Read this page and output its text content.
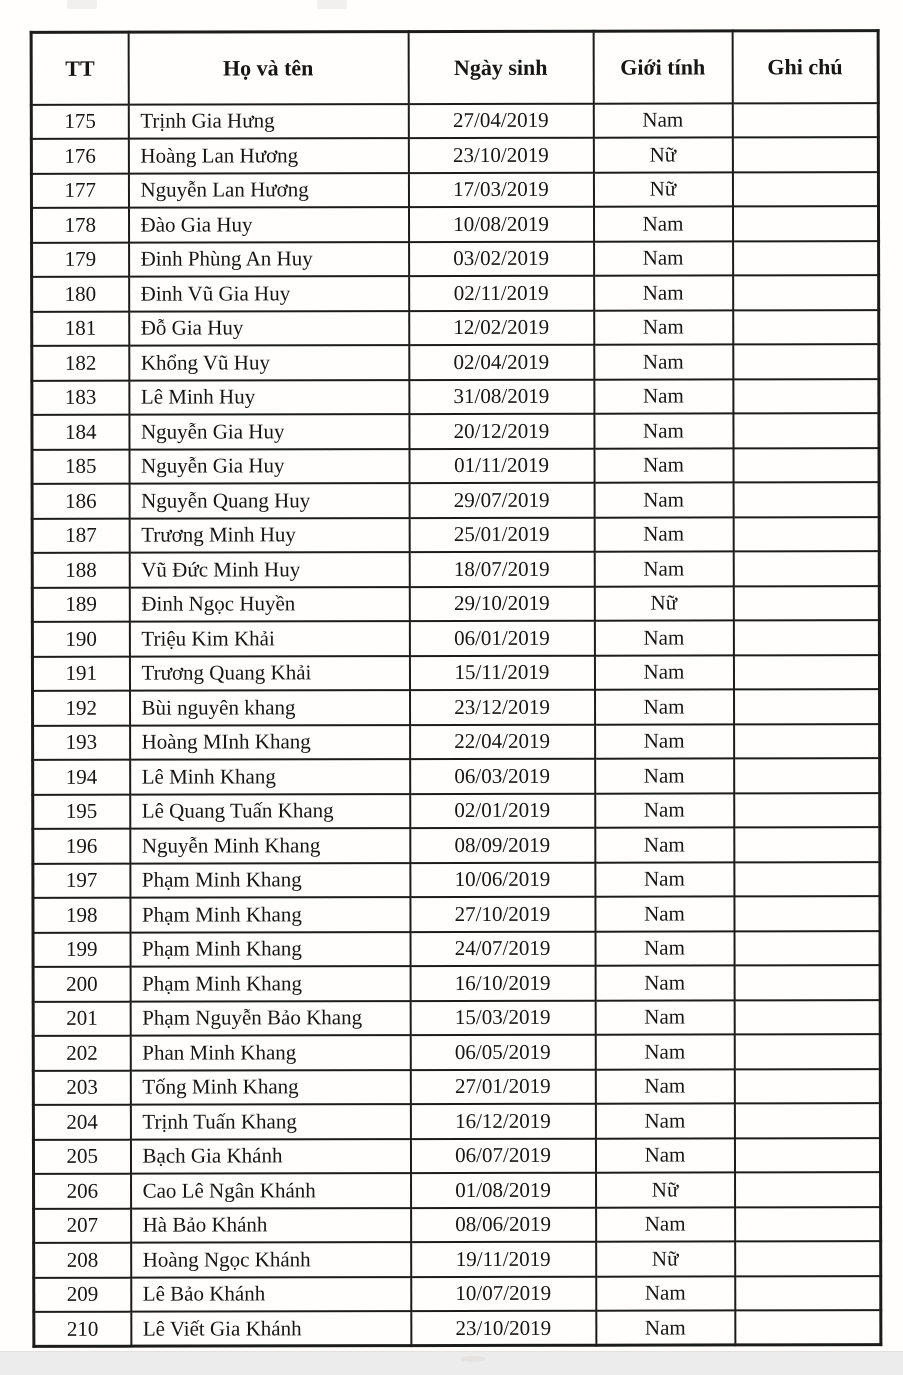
TT	Họ và tên	Ngày sinh	Giới tính	Ghi chú
175	Trịnh Gia Hưng	27/04/2019	Nam	
176	Hoàng Lan Hương	23/10/2019	Nữ	
177	Nguyễn Lan Hương	17/03/2019	Nữ	
178	Đào Gia Huy	10/08/2019	Nam	
179	Đinh Phùng An Huy	03/02/2019	Nam	
180	Đinh Vũ Gia Huy	02/11/2019	Nam	
181	Đỗ Gia Huy	12/02/2019	Nam	
182	Khổng Vũ Huy	02/04/2019	Nam	
183	Lê Minh Huy	31/08/2019	Nam	
184	Nguyễn Gia Huy	20/12/2019	Nam	
185	Nguyễn Gia Huy	01/11/2019	Nam	
186	Nguyễn Quang Huy	29/07/2019	Nam	
187	Trương Minh Huy	25/01/2019	Nam	
188	Vũ Đức Minh Huy	18/07/2019	Nam	
189	Đinh Ngọc Huyền	29/10/2019	Nữ	
190	Triệu Kim Khải	06/01/2019	Nam	
191	Trương Quang Khải	15/11/2019	Nam	
192	Bùi nguyên khang	23/12/2019	Nam	
193	Hoàng MInh Khang	22/04/2019	Nam	
194	Lê Minh Khang	06/03/2019	Nam	
195	Lê Quang Tuấn Khang	02/01/2019	Nam	
196	Nguyễn Minh Khang	08/09/2019	Nam	
197	Phạm Minh Khang	10/06/2019	Nam	
198	Phạm Minh Khang	27/10/2019	Nam	
199	Phạm Minh Khang	24/07/2019	Nam	
200	Phạm Minh Khang	16/10/2019	Nam	
201	Phạm Nguyễn Bảo Khang	15/03/2019	Nam	
202	Phan Minh Khang	06/05/2019	Nam	
203	Tống Minh Khang	27/01/2019	Nam	
204	Trịnh Tuấn Khang	16/12/2019	Nam	
205	Bạch Gia Khánh	06/07/2019	Nam	
206	Cao Lê Ngân Khánh	01/08/2019	Nữ	
207	Hà Bảo Khánh	08/06/2019	Nam	
208	Hoàng Ngọc Khánh	19/11/2019	Nữ	
209	Lê Bảo Khánh	10/07/2019	Nam	
210	Lê Viết Gia Khánh	23/10/2019	Nam	
